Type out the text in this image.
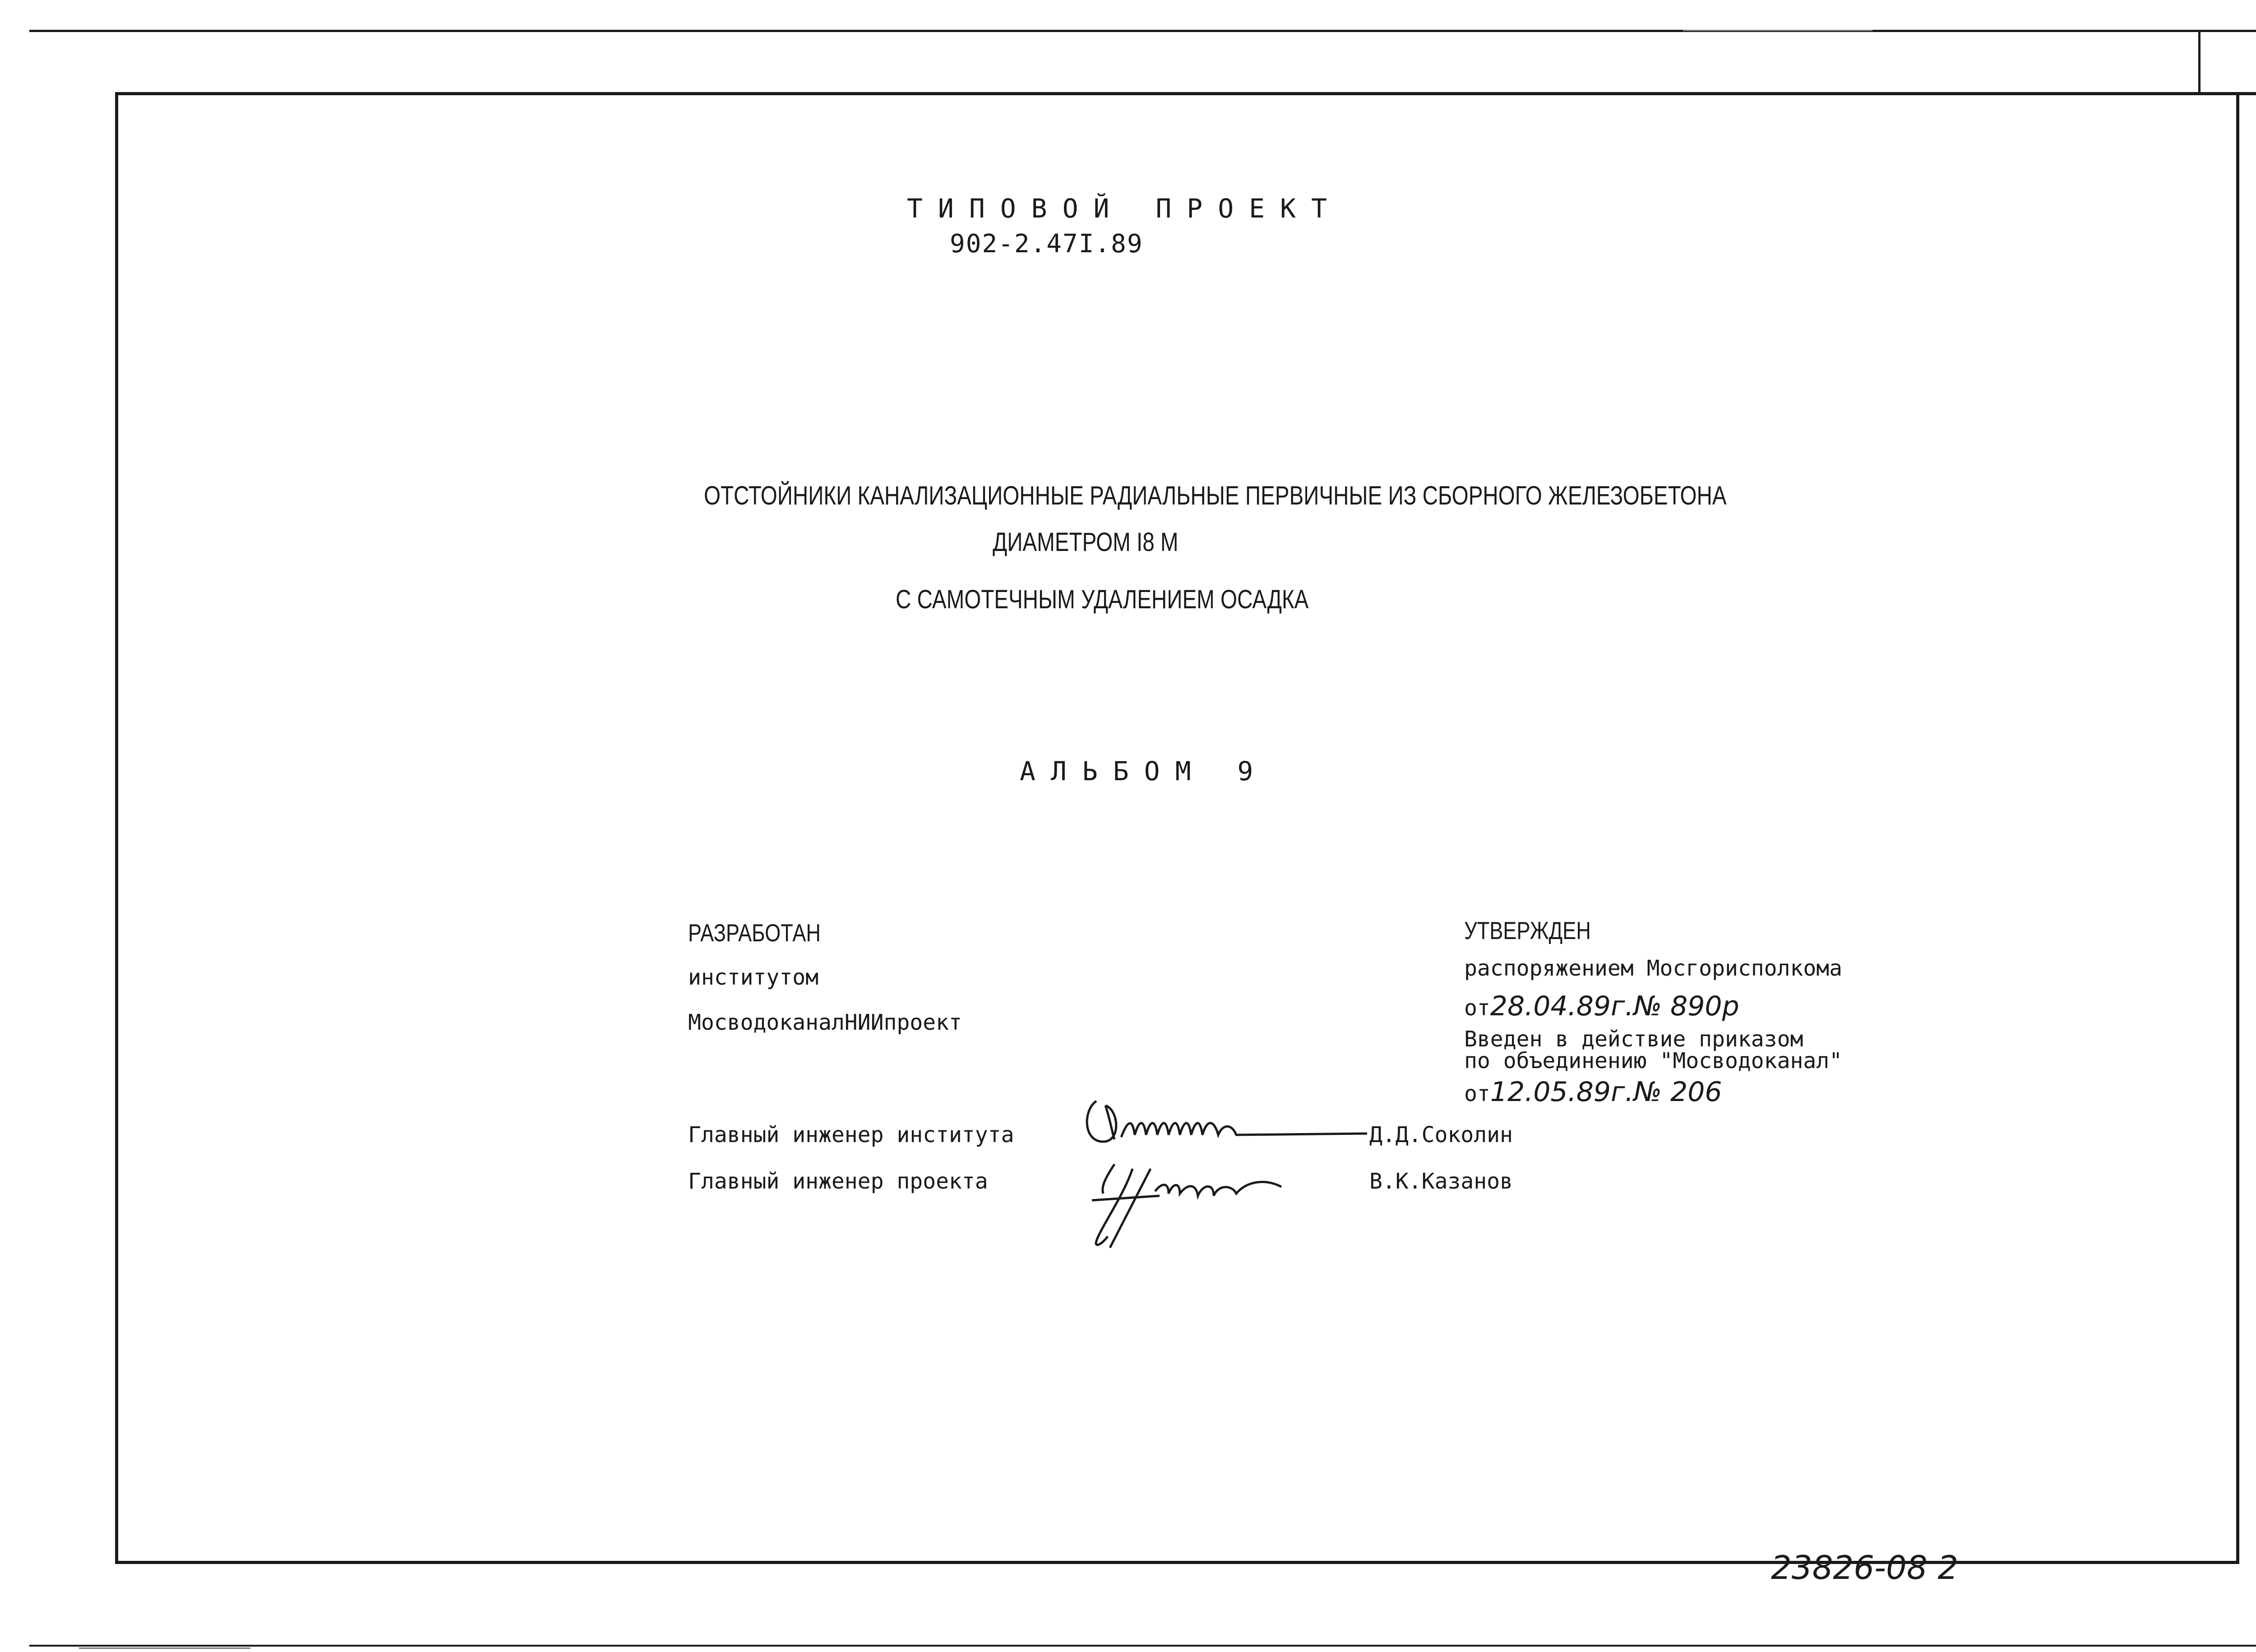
ТИПОВОЙ ПРОЕКТ
902-2.47I.89
ОТСТОЙНИКИ КАНАЛИЗАЦИОННЫЕ РАДИАЛЬНЫЕ ПЕРВИЧНЫЕ ИЗ СБОРНОГО ЖЕЛЕЗОБЕТОНА
ДИАМЕТРОМ I8 М
С САМОТЕЧНЫМ УДАЛЕНИЕМ ОСАДКА
АЛЬБОМ 9
РАЗРАБОТАН
институтом
МосводоканалНИИпроект
УТВЕРЖДЕН
распоряжением Мосгорисполкома
от28.04.89г.№ 890р
Введен в действие приказом
по объединению "Мосводоканал"
от12.05.89г.№ 206
Главный инженер института	Д.Д.Соколин
Главный инженер проекта	В.К.Казанов
23826-08 2
